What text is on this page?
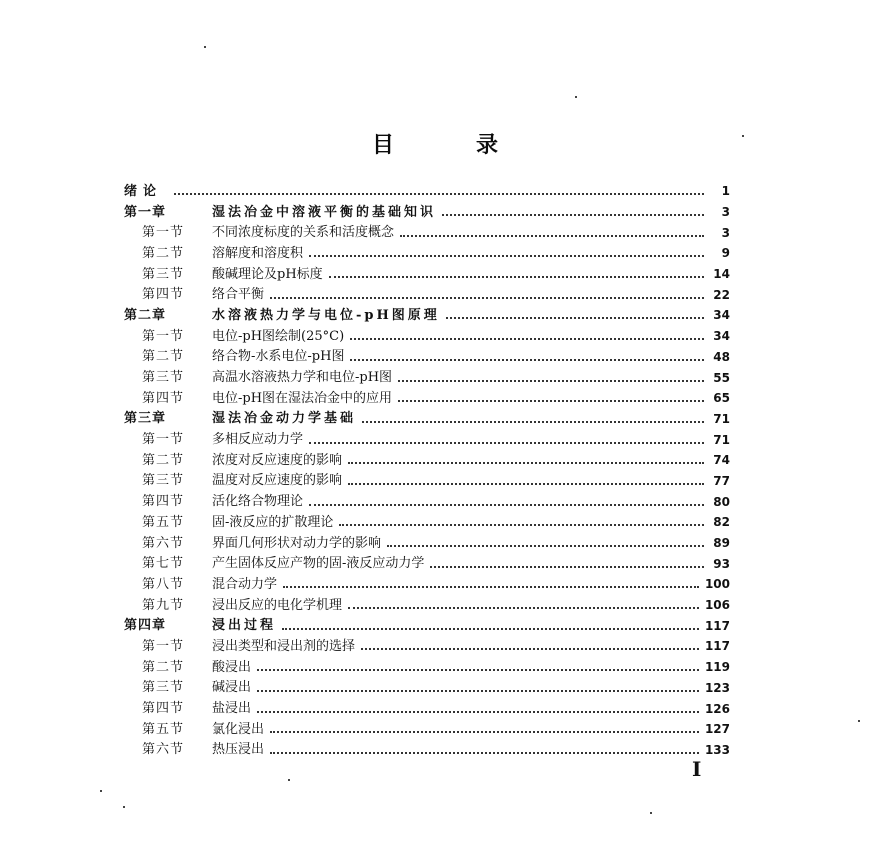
目　录
绪论	1
第一章	湿法冶金中溶液平衡的基础知识	3
第一节	不同浓度标度的关系和活度概念	3
第二节	溶解度和溶度积	9
第三节	酸碱理论及pH标度	14
第四节	络合平衡	22
第二章	水溶液热力学与电位-pH图原理	34
第一节	电位-pH图绘制(25°C)	34
第二节	络合物-水系电位-pH图	48
第三节	高温水溶液热力学和电位-pH图	55
第四节	电位-pH图在湿法冶金中的应用	65
第三章	湿法冶金动力学基础	71
第一节	多相反应动力学	71
第二节	浓度对反应速度的影响	74
第三节	温度对反应速度的影响	77
第四节	活化络合物理论	80
第五节	固-液反应的扩散理论	82
第六节	界面几何形状对动力学的影响	89
第七节	产生固体反应产物的固-液反应动力学	93
第八节	混合动力学	100
第九节	浸出反应的电化学机理	106
第四章	浸出过程	117
第一节	浸出类型和浸出剂的选择	117
第二节	酸浸出	119
第三节	碱浸出	123
第四节	盐浸出	126
第五节	氯化浸出	127
第六节	热压浸出	133
I
